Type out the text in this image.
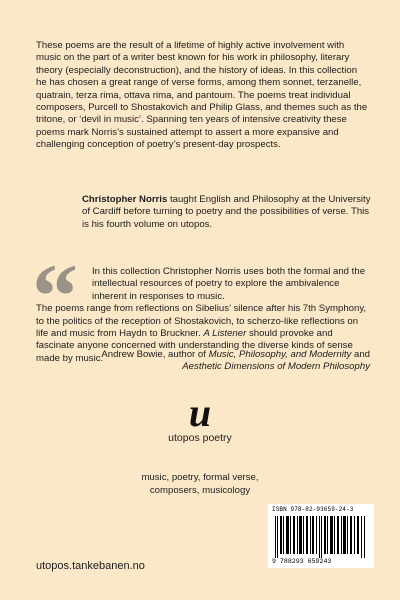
These poems are the result of a lifetime of highly active involvement with music on the part of a writer best known for his work in philosophy, literary theory (especially deconstruction), and the history of ideas. In this collection he has chosen a great range of verse forms, among them sonnet, terzanelle, quatrain, terza rima, ottava rima, and pantoum. The poems treat individual composers, Purcell to Shostakovich and Philip Glass, and themes such as the tritone, or ‘devil in music’. Spanning ten years of intensive creativity these poems mark Norris’s sustained attempt to assert a more expansive and challenging conception of poetry’s present-day prospects.
Christopher Norris taught English and Philosophy at the University of Cardiff before turning to poetry and the possibilities of verse. This is his fourth volume on utopos.
“	In this collection Christopher Norris uses both the formal and the intellectual resources of poetry to explore the ambivalence inherent in responses to music.
The poems range from reflections on Sibelius’ silence after his 7th Symphony, to the politics of the reception of Shostakovich, to scherzo-like reflections on life and music from Haydn to Bruckner. A Listener should provoke and fascinate anyone concerned with understanding the diverse kinds of sense made by music.
Andrew Bowie, author of Music, Philosophy, and Modernity and Aesthetic Dimensions of Modern Philosophy
u
utopos poetry
music, poetry, formal verse,
composers, musicology
ISBN 978-82-93659-24-3
9 788293 659243
utopos.tankebanen.no
